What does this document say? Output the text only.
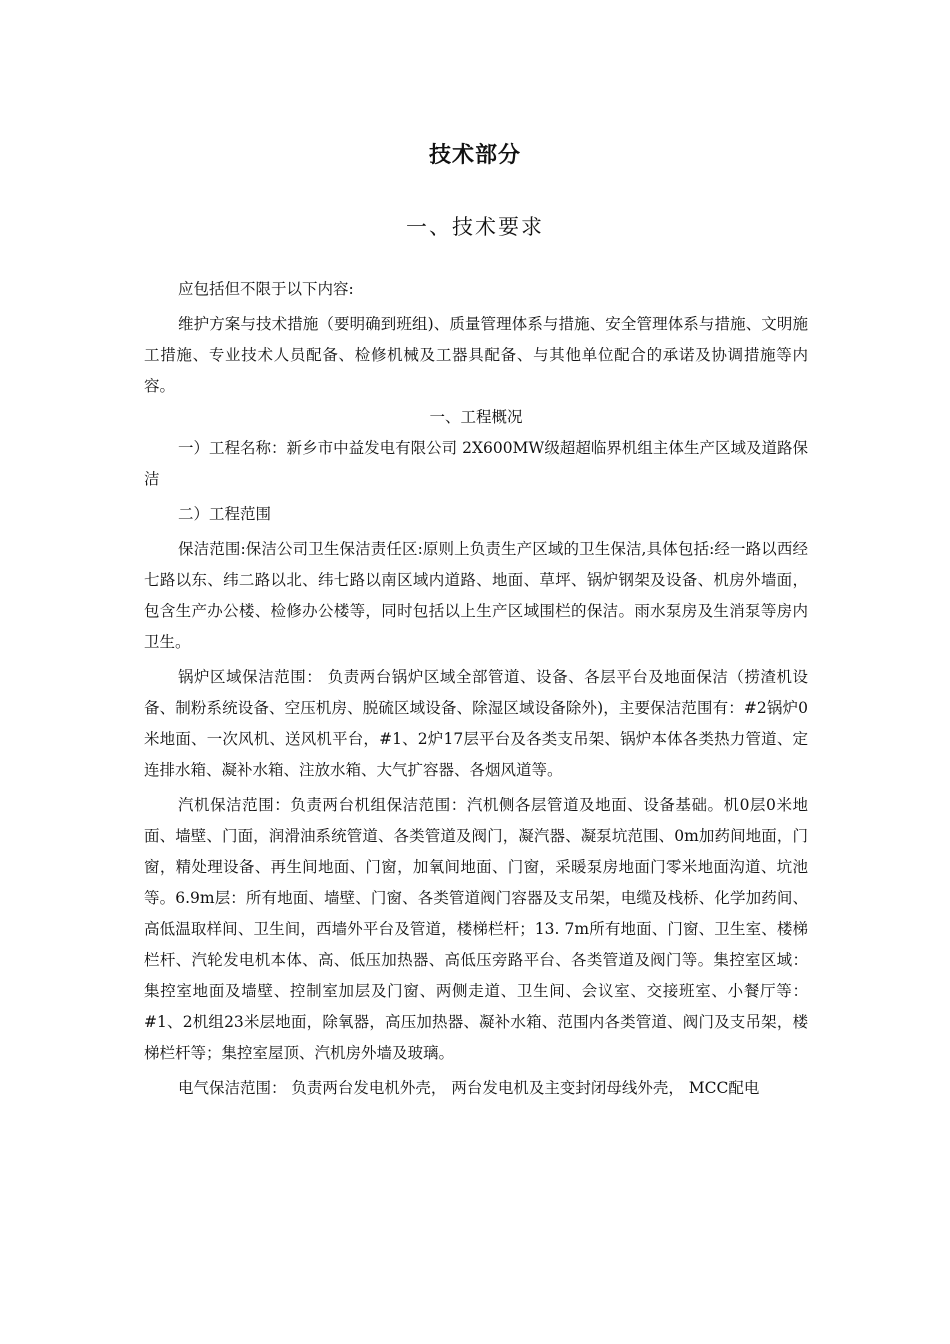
技术部分
一、技术要求

应包括但不限于以下内容:

维护方案与技术措施（要明确到班组)、质量管理体系与措施、安全管理体系与措施、文明施工措施、专业技术人员配备、检修机械及工器具配备、与其他单位配合的承诺及协调措施等内容。

一、工程概况

一）工程名称：新乡市中益发电有限公司 2X600MW级超超临界机组主体生产区域及道路保洁

二）工程范围

保洁范围:保洁公司卫生保洁责任区:原则上负责生产区域的卫生保洁,具体包括:经一路以西经七路以东、纬二路以北、纬七路以南区域内道路、地面、草坪、锅炉钢架及设备、机房外墙面，包含生产办公楼、检修办公楼等，同时包括以上生产区域围栏的保洁。雨水泵房及生消泵等房内卫生。

锅炉区域保洁范围： 负责两台锅炉区域全部管道、设备、各层平台及地面保洁（捞渣机设备、制粉系统设备、空压机房、脱硫区域设备、除湿区域设备除外)，主要保洁范围有：#2锅炉0米地面、一次风机、送风机平台，#1、2炉17层平台及各类支吊架、锅炉本体各类热力管道、定连排水箱、凝补水箱、注放水箱、大气扩容器、各烟风道等。

汽机保洁范围：负责两台机组保洁范围：汽机侧各层管道及地面、设备基础。机0层0米地面、墙壁、门面，润滑油系统管道、各类管道及阀门，凝汽器、凝泵坑范围、0m加药间地面，门窗，精处理设备、再生间地面、门窗，加氧间地面、门窗，采暖泵房地面门零米地面沟道、坑池等。6.9m层：所有地面、墙壁、门窗、各类管道阀门容器及支吊架，电缆及栈桥、化学加药间、高低温取样间、卫生间，西墙外平台及管道，楼梯栏杆；13. 7m所有地面、门窗、卫生室、楼梯栏杆、汽轮发电机本体、高、低压加热器、高低压旁路平台、各类管道及阀门等。集控室区域：集控室地面及墙壁、控制室加层及门窗、两侧走道、卫生间、会议室、交接班室、小餐厅等：#1、2机组23米层地面，除氧器，高压加热器、凝补水箱、范围内各类管道、阀门及支吊架，楼梯栏杆等；集控室屋顶、汽机房外墙及玻璃。

电气保洁范围： 负责两台发电机外壳， 两台发电机及主变封闭母线外壳， MCC配电
